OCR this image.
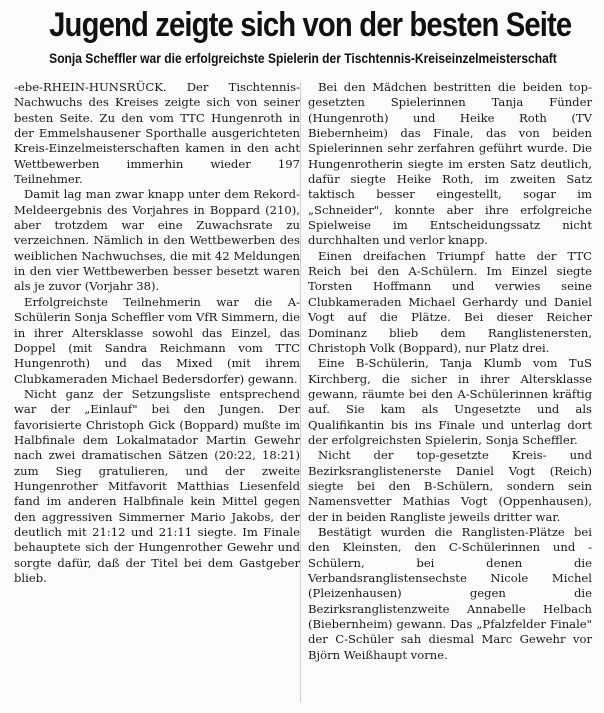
Jugend zeigte sich von der besten Seite
Sonja Scheffler war die erfolgreichste Spielerin der Tischtennis-Kreiseinzelmeisterschaft

-ebe-RHEIN-HUNSRÜCK. Der Tischtennis-Nachwuchs des Kreises zeigte sich von seiner besten Seite. Zu den vom TTC Hungenroth in der Emmelshausener Sporthalle ausgerichteten Kreis-Einzelmeisterschaften kamen in den acht Wettbewerben immerhin wieder 197 Teilnehmer.

Damit lag man zwar knapp unter dem Rekord-Meldeergebnis des Vorjahres in Boppard (210), aber trotzdem war eine Zuwachsrate zu verzeichnen. Nämlich in den Wettbewerben des weiblichen Nachwuchses, die mit 42 Meldungen in den vier Wettbewerben besser besetzt waren als je zuvor (Vorjahr 38).

Erfolgreichste Teilnehmerin war die A-Schülerin Sonja Scheffler vom VfR Simmern, die in ihrer Altersklasse sowohl das Einzel, das Doppel (mit Sandra Reichmann vom TTC Hungenroth) und das Mixed (mit ihrem Clubkameraden Michael Bedersdorfer) gewann.

Nicht ganz der Setzungsliste entsprechend war der „Einlauf" bei den Jungen. Der favorisierte Christoph Gick (Boppard) mußte im Halbfinale dem Lokalmatador Martin Gewehr nach zwei dramatischen Sätzen (20:22, 18:21) zum Sieg gratulieren, und der zweite Hungenrother Mitfavorit Matthias Liesenfeld fand im anderen Halbfinale kein Mittel gegen den aggressiven Simmerner Mario Jakobs, der deutlich mit 21:12 und 21:11 siegte. Im Finale behauptete sich der Hungenrother Gewehr und sorgte dafür, daß der Titel bei dem Gastgeber blieb.

Bei den Mädchen bestritten die beiden top-gesetzten Spielerinnen Tanja Fünder (Hungenroth) und Heike Roth (TV Biebernheim) das Finale, das von beiden Spielerinnen sehr zerfahren geführt wurde. Die Hungenrotherin siegte im ersten Satz deutlich, dafür siegte Heike Roth, im zweiten Satz taktisch besser eingestellt, sogar im „Schneider", konnte aber ihre erfolgreiche Spielweise im Entscheidungssatz nicht durchhalten und verlor knapp.

Einen dreifachen Triumpf hatte der TTC Reich bei den A-Schülern. Im Einzel siegte Torsten Hoffmann und verwies seine Clubkameraden Michael Gerhardy und Daniel Vogt auf die Plätze. Bei dieser Reicher Dominanz blieb dem Ranglistenersten, Christoph Volk (Boppard), nur Platz drei.

Eine B-Schülerin, Tanja Klumb vom TuS Kirchberg, die sicher in ihrer Altersklasse gewann, räumte bei den A-Schülerinnen kräftig auf. Sie kam als Ungesetzte und als Qualifikantin bis ins Finale und unterlag dort der erfolgreichsten Spielerin, Sonja Scheffler.

Nicht der top-gesetzte Kreis- und Bezirksranglistenerste Daniel Vogt (Reich) siegte bei den B-Schülern, sondern sein Namensvetter Mathias Vogt (Oppenhausen), der in beiden Rangliste jeweils dritter war.

Bestätigt wurden die Ranglisten-Plätze bei den Kleinsten, den C-Schülerinnen und -Schülern, bei denen die Verbandsranglistensechste Nicole Michel (Pleizenhausen) gegen die Bezirksranglistenzweite Annabelle Helbach (Biebernheim) gewann. Das „Pfalzfelder Finale" der C-Schüler sah diesmal Marc Gewehr vor Björn Weißhaupt vorne.
